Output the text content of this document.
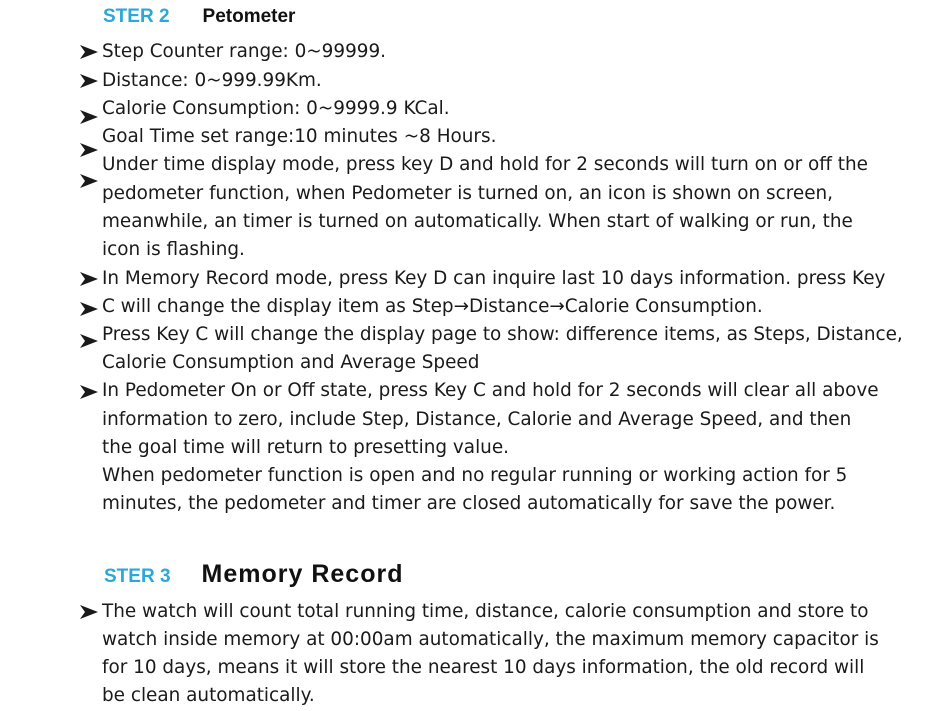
STER 2 Petometer
Step Counter range: 0~99999.
Distance: 0~999.99Km.
Calorie Consumption: 0~9999.9 KCal.
Goal Time set range:10 minutes ~8 Hours.
Under time display mode, press key D and hold for 2 seconds will turn on or off the
pedometer function, when Pedometer is turned on, an icon is shown on screen,
meanwhile, an timer is turned on automatically. When start of walking or run, the
icon is flashing.
In Memory Record mode, press Key D can inquire last 10 days information. press Key
C will change the display item as Step→Distance→Calorie Consumption.
Press Key C will change the display page to show: difference items, as Steps, Distance,
Calorie Consumption and Average Speed
In Pedometer On or Off state, press Key C and hold for 2 seconds will clear all above
information to zero, include Step, Distance, Calorie and Average Speed, and then
the goal time will return to presetting value.
When pedometer function is open and no regular running or working action for 5
minutes, the pedometer and timer are closed automatically for save the power.
STER 3 Memory Record
The watch will count total running time, distance, calorie consumption and store to
watch inside memory at 00:00am automatically, the maximum memory capacitor is
for 10 days, means it will store the nearest 10 days information, the old record will
be clean automatically.
